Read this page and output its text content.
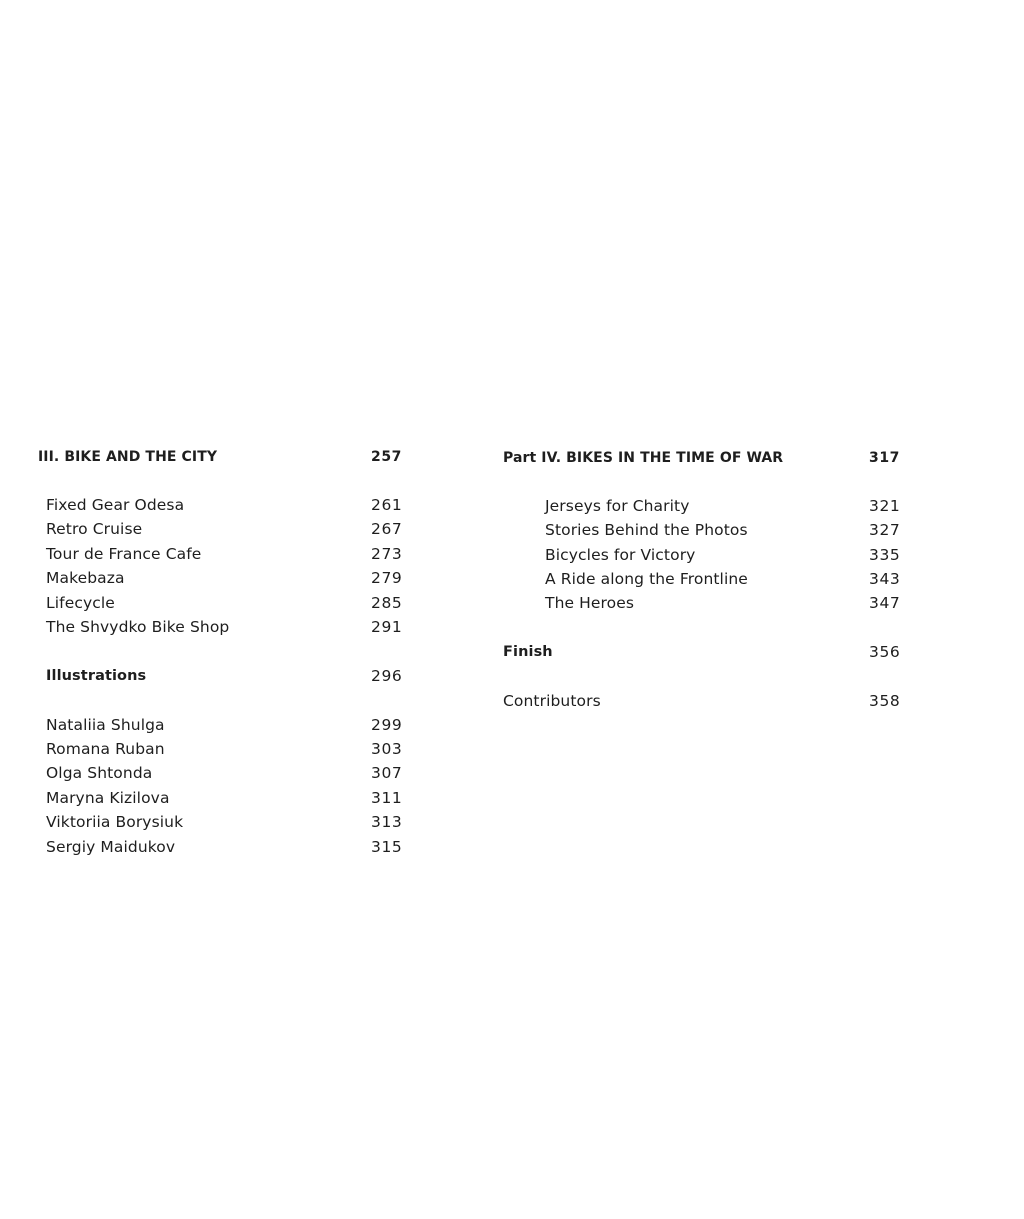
III. BIKE AND THE CITY	257
Fixed Gear Odesa	261
Retro Cruise	267
Tour de France Cafe	273
Makebaza	279
Lifecycle	285
The Shvydko Bike Shop	291
Illustrations	296
Nataliia Shulga	299
Romana Ruban	303
Olga Shtonda	307
Maryna Kizilova	311
Viktoriia Borysiuk	313
Sergiy Maidukov	315
Part IV. BIKES IN THE TIME OF WAR	317
Jerseys for Charity	321
Stories Behind the Photos	327
Bicycles for Victory	335
A Ride along the Frontline	343
The Heroes	347
Finish	356
Contributors	358
